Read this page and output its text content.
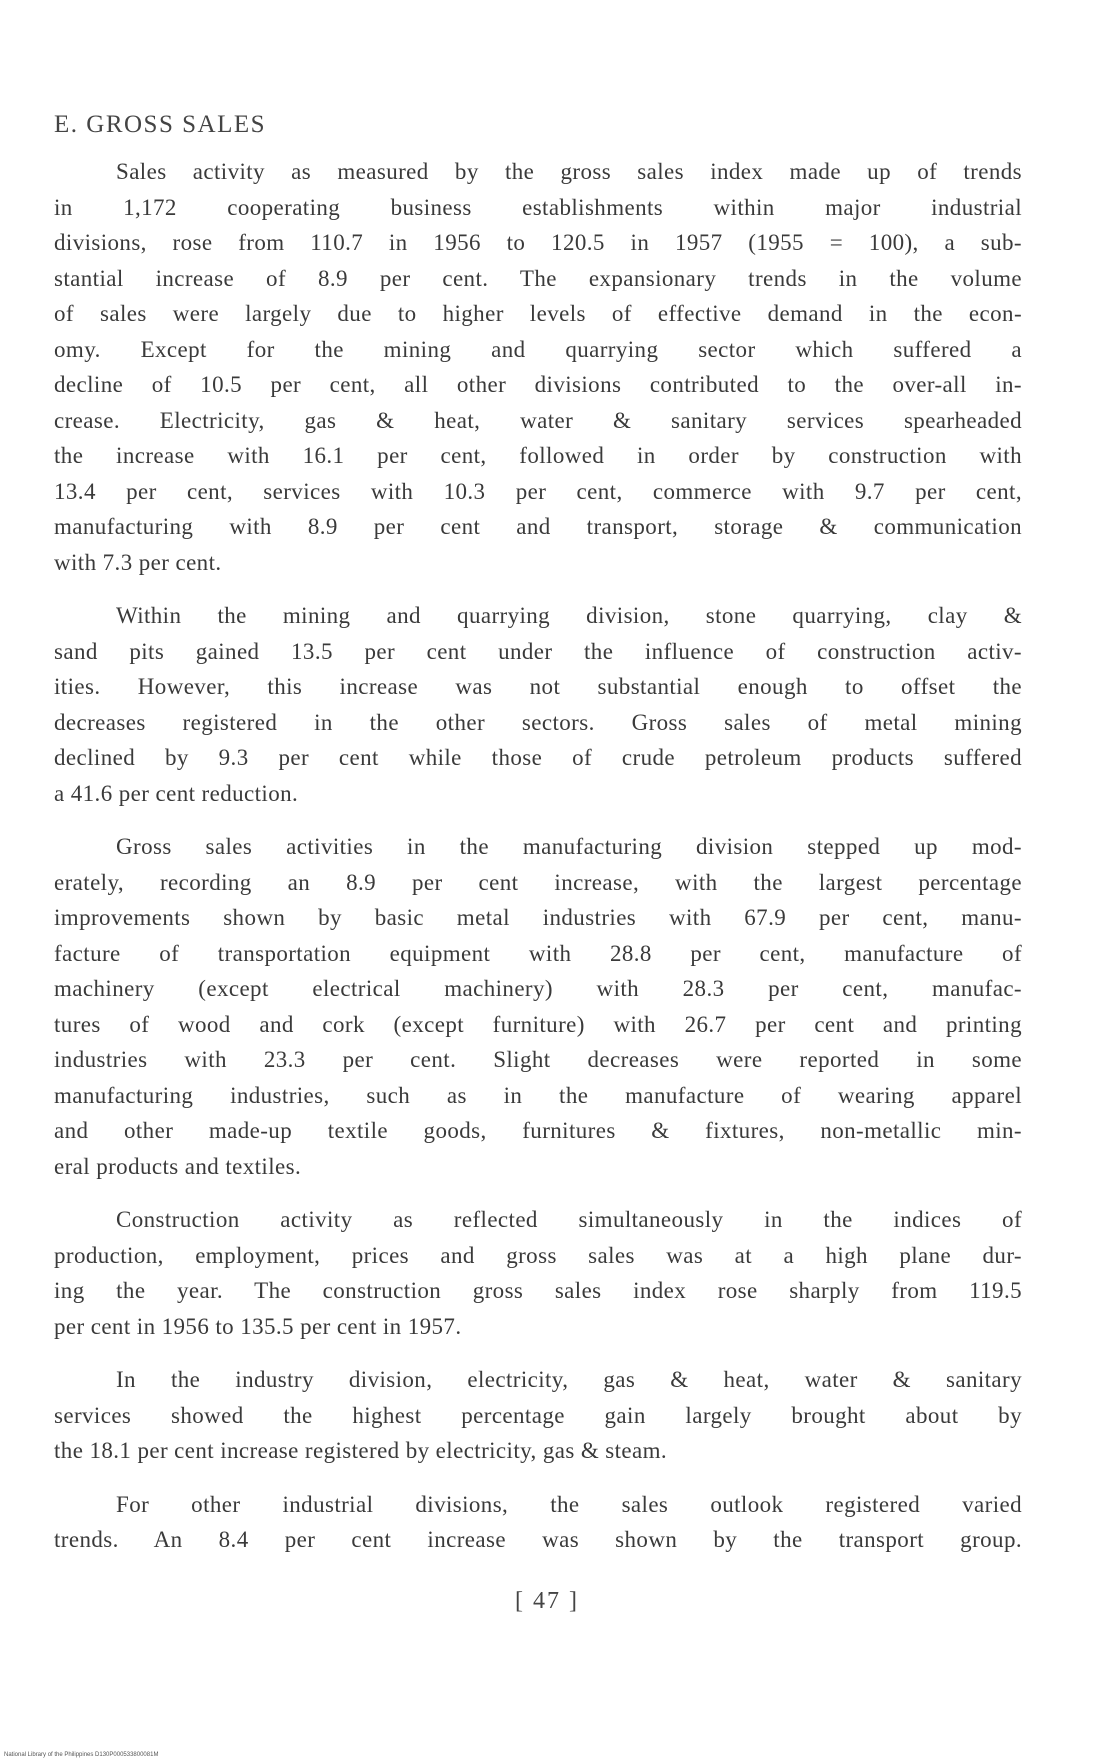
E. GROSS SALES
Sales activity as measured by the gross sales index made up of trends
in 1,172 cooperating business establishments within major industrial
divisions, rose from 110.7 in 1956 to 120.5 in 1957 (1955 = 100), a sub-
stantial increase of 8.9 per cent. The expansionary trends in the volume
of sales were largely due to higher levels of effective demand in the econ-
omy. Except for the mining and quarrying sector which suffered a
decline of 10.5 per cent, all other divisions contributed to the over-all in-
crease. Electricity, gas & heat, water & sanitary services spearheaded
the increase with 16.1 per cent, followed in order by construction with
13.4 per cent, services with 10.3 per cent, commerce with 9.7 per cent,
manufacturing with 8.9 per cent and transport, storage & communication
with 7.3 per cent.
Within the mining and quarrying division, stone quarrying, clay &
sand pits gained 13.5 per cent under the influence of construction activ-
ities. However, this increase was not substantial enough to offset the
decreases registered in the other sectors. Gross sales of metal mining
declined by 9.3 per cent while those of crude petroleum products suffered
a 41.6 per cent reduction.
Gross sales activities in the manufacturing division stepped up mod-
erately, recording an 8.9 per cent increase, with the largest percentage
improvements shown by basic metal industries with 67.9 per cent, manu-
facture of transportation equipment with 28.8 per cent, manufacture of
machinery (except electrical machinery) with 28.3 per cent, manufac-
tures of wood and cork (except furniture) with 26.7 per cent and printing
industries with 23.3 per cent. Slight decreases were reported in some
manufacturing industries, such as in the manufacture of wearing apparel
and other made-up textile goods, furnitures & fixtures, non-metallic min-
eral products and textiles.
Construction activity as reflected simultaneously in the indices of
production, employment, prices and gross sales was at a high plane dur-
ing the year. The construction gross sales index rose sharply from 119.5
per cent in 1956 to 135.5 per cent in 1957.
In the industry division, electricity, gas & heat, water & sanitary
services showed the highest percentage gain largely brought about by
the 18.1 per cent increase registered by electricity, gas & steam.
For other industrial divisions, the sales outlook registered varied
trends. An 8.4 per cent increase was shown by the transport group.
[ 47 ]
National Library of the Philippines D130P000533800081M
